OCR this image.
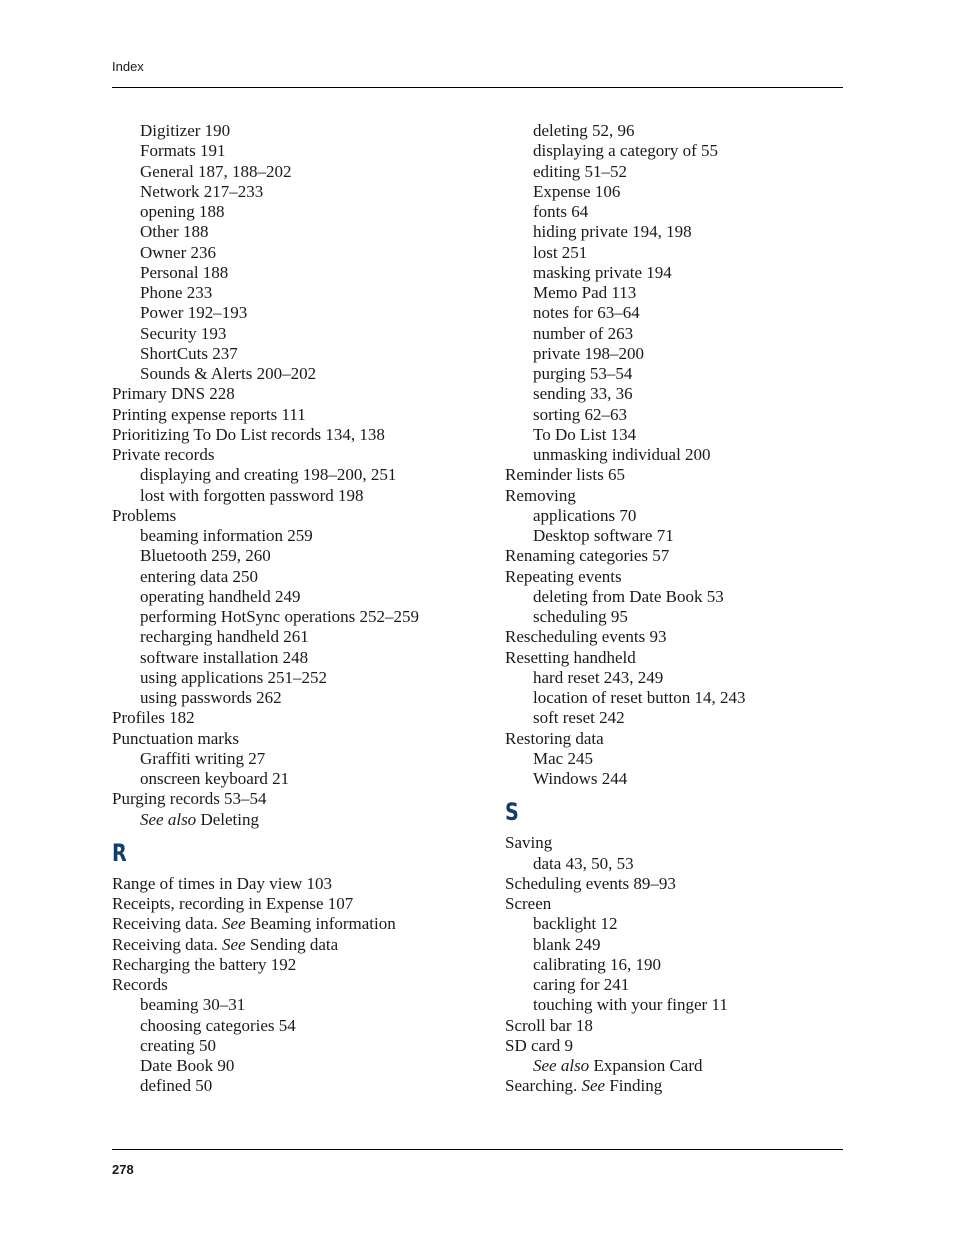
Index
Digitizer 190
Formats 191
General 187, 188–202
Network 217–233
opening 188
Other 188
Owner 236
Personal 188
Phone 233
Power 192–193
Security 193
ShortCuts 237
Sounds & Alerts 200–202
Primary DNS 228
Printing expense reports 111
Prioritizing To Do List records 134, 138
Private records
displaying and creating 198–200, 251
lost with forgotten password 198
Problems
beaming information 259
Bluetooth 259, 260
entering data 250
operating handheld 249
performing HotSync operations 252–259
recharging handheld 261
software installation 248
using applications 251–252
using passwords 262
Profiles 182
Punctuation marks
Graffiti writing 27
onscreen keyboard 21
Purging records 53–54
See also Deleting
R
Range of times in Day view 103
Receipts, recording in Expense 107
Receiving data. See Beaming information
Receiving data. See Sending data
Recharging the battery 192
Records
beaming 30–31
choosing categories 54
creating 50
Date Book 90
defined 50
deleting 52, 96
displaying a category of 55
editing 51–52
Expense 106
fonts 64
hiding private 194, 198
lost 251
masking private 194
Memo Pad 113
notes for 63–64
number of 263
private 198–200
purging 53–54
sending 33, 36
sorting 62–63
To Do List 134
unmasking individual 200
Reminder lists 65
Removing
applications 70
Desktop software 71
Renaming categories 57
Repeating events
deleting from Date Book 53
scheduling 95
Rescheduling events 93
Resetting handheld
hard reset 243, 249
location of reset button 14, 243
soft reset 242
Restoring data
Mac 245
Windows 244
S
Saving
data 43, 50, 53
Scheduling events 89–93
Screen
backlight 12
blank 249
calibrating 16, 190
caring for 241
touching with your finger 11
Scroll bar 18
SD card 9
See also Expansion Card
Searching. See Finding
278
